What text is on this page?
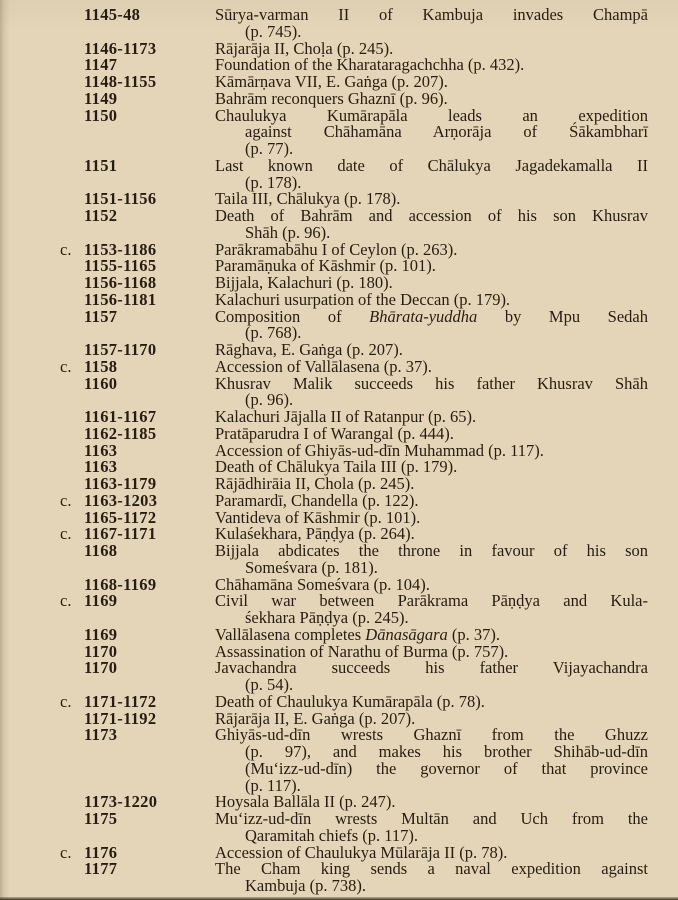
1145-48	Sūrya-varman II of Kambuja invades Champā
(p. 745).
1146-1173	Rājarāja II, Choḷa (p. 245).
1147	Foundation of the Kharataragachchha (p. 432).
1148-1155	Kāmārṇava VII, E. Gaṅga (p. 207).
1149	Bahrām reconquers Ghaznī (p. 96).
1150	Chaulukya Kumārapāla leads an expedition
against Chāhamāna Arṇorāja of Śākambharī
(p. 77).
1151	Last known date of Chālukya Jagadekamalla II
(p. 178).
1151-1156	Taila III, Chālukya (p. 178).
1152	Death of Bahrām and accession of his son Khusrav
Shāh (p. 96).
c. 1153-1186	Parākramabāhu I of Ceylon (p. 263).
1155-1165	Paramāṇuka of Kāshmir (p. 101).
1156-1168	Bijjala, Kalachuri (p. 180).
1156-1181	Kalachuri usurpation of the Deccan (p. 179).
1157	Composition of Bhārata-yuddha by Mpu Sedah
(p. 768).
1157-1170	Rāghava, E. Gaṅga (p. 207).
c. 1158	Accession of Vallālasena (p. 37).
1160	Khusrav Malik succeeds his father Khusrav Shāh
(p. 96).
1161-1167	Kalachuri Jājalla II of Ratanpur (p. 65).
1162-1185	Pratāparudra I of Warangal (p. 444).
1163	Accession of Ghiyās-ud-dīn Muhammad (p. 117).
1163	Death of Chālukya Taila III (p. 179).
1163-1179	Rājādhirāia II, Chola (p. 245).
c. 1163-1203	Paramardī, Chandella (p. 122).
1165-1172	Vantideva of Kāshmir (p. 101).
c. 1167-1171	Kulaśekhara, Pāṇḍya (p. 264).
1168	Bijjala abdicates the throne in favour of his son
Someśvara (p. 181).
1168-1169	Chāhamāna Someśvara (p. 104).
c. 1169	Civil war between Parākrama Pāṇḍya and Kula-
śekhara Pāṇḍya (p. 245).
1169	Vallālasena completes Dānasāgara (p. 37).
1170	Assassination of Narathu of Burma (p. 757).
1170	Javachandra succeeds his father Vijayachandra
(p. 54).
c. 1171-1172	Death of Chaulukya Kumārapāla (p. 78).
1171-1192	Rājarāja II, E. Gaṅga (p. 207).
1173	Ghiyās-ud-dīn wrests Ghaznī from the Ghuzz
(p. 97), and makes his brother Shihāb-ud-dīn
(Muʻizz-ud-dīn) the governor of that province
(p. 117).
1173-1220	Hoysala Ballāla II (p. 247).
1175	Muʻizz-ud-dīn wrests Multān and Uch from the
Qaramitah chiefs (p. 117).
c. 1176	Accession of Chaulukya Mūlarāja II (p. 78).
1177	The Cham king sends a naval expedition against
Kambuja (p. 738).
